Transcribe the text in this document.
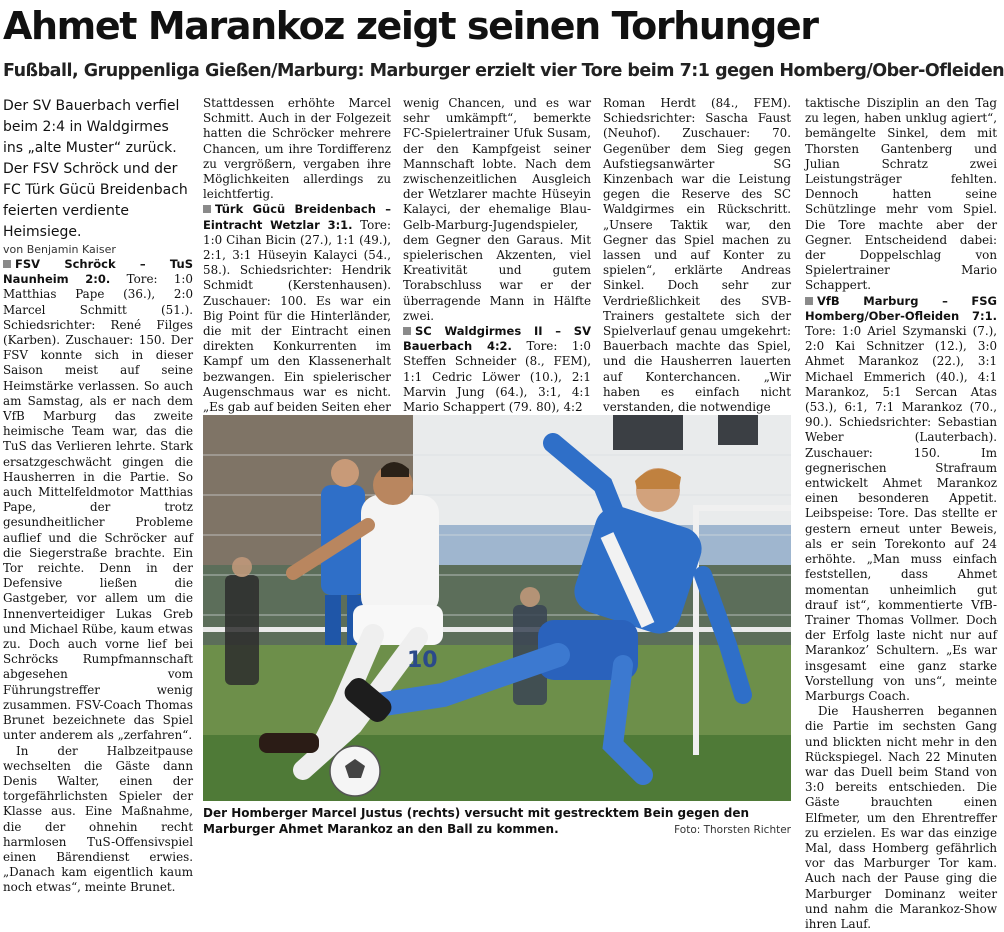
Ahmet Marankoz zeigt seinen Torhunger
Fußball, Gruppenliga Gießen/Marburg: Marburger erzielt vier Tore beim 7:1 gegen Homberg/Ober-Ofleiden

Der SV Bauerbach verfiel beim 2:4 in Waldgirmes ins „alte Muster“ zurück. Der FSV Schröck und der FC Türk Gücü Breidenbach feierten verdiente Heimsiege.

von Benjamin Kaiser

FSV Schröck – TuS Naunheim 2:0. Tore: 1:0 Matthias Pape (36.), 2:0 Marcel	Schmitt	(51.). Schiedsrichter: René Filges (Karben). Zuschauer: 150. Der FSV konnte sich in dieser Saison meist auf seine Heimstärke verlassen. So auch am Samstag, als er nach dem VfB Marburg das zweite heimische Team war, das die TuS das Verlieren lehrte. Stark ersatzgeschwächt gingen die Hausherren in die Partie. So auch Mittelfeldmotor Matthias Pape,	der	trotz gesundheitlicher	Probleme auflief und die Schröcker auf die Siegerstraße brachte. Ein Tor reichte. Denn in der Defensive	ließen	die Gastgeber, vor allem um die Innenverteidiger Lukas Greb und Michael Rübe, kaum etwas zu. Doch auch vorne lief bei Schröcks Rumpfmannschaft abgesehen	vom Führungstreffer	wenig zusammen. FSV-Coach Thomas Brunet bezeichnete das Spiel unter anderem als „zerfahren“.

In der Halbzeitpause wechselten die Gäste dann Denis Walter, einen der torgefährlichsten Spieler der Klasse aus. Eine Maßnahme, die der ohnehin recht harmlosen TuS-Offensivspiel einen Bärendienst erwies. „Danach kam eigentlich kaum noch etwas“, meinte Brunet.

Stattdessen erhöhte Marcel Schmitt. Auch in der Folgezeit hatten die Schröcker mehrere Chancen, um ihre Tordifferenz zu vergrößern, vergaben ihre Möglichkeiten allerdings zu leichtfertig.

Türk Gücü Breidenbach – Eintracht Wetzlar 3:1. Tore: 1:0 Cihan Bicin (27.), 1:1 (49.), 2:1, 3:1 Hüseyin Kalayci (54., 58.). Schiedsrichter: Hendrik Schmidt	(Kerstenhausen). Zuschauer: 100. Es war ein Big Point für die Hinterländer, die mit der Eintracht einen direkten Konkurrenten im Kampf um den Klassenerhalt bezwangen. Ein spielerischer Augenschmaus war es nicht. „Es gab auf beiden Seiten eher

wenig Chancen, und es war sehr umkämpft“, bemerkte FC-Spielertrainer Ufuk Susam, der den Kampfgeist seiner Mannschaft lobte. Nach dem zwischenzeitlichen Ausgleich der Wetzlarer machte Hüseyin Kalayci, der ehemalige Blau-Gelb-Marburg-Jugendspieler, dem Gegner den Garaus. Mit spielerischen Akzenten, viel Kreativität	und	gutem Torabschluss war er der überragende Mann in Hälfte zwei.

SC Waldgirmes II – SV Bauerbach 4:2. Tore: 1:0 Steffen Schneider (8., FEM), 1:1 Cedric Löwer (10.), 2:1 Marvin Jung (64.), 3:1, 4:1 Mario Schappert (79. 80), 4:2

Roman Herdt (84., FEM). Schiedsrichter: Sascha Faust (Neuhof). Zuschauer: 70. Gegenüber dem Sieg gegen Aufstiegsanwärter	SG Kinzenbach war die Leistung gegen die Reserve des SC Waldgirmes ein Rückschritt. „Unsere Taktik war, den Gegner das Spiel machen zu lassen und auf Konter zu spielen“, erklärte Andreas Sinkel. Doch sehr zur Verdrießlichkeit des SVB-Trainers gestaltete sich der Spielverlauf genau umgekehrt: Bauerbach machte das Spiel, und die Hausherren lauerten auf Konterchancen. „Wir haben es einfach nicht verstanden, die notwendige

taktische Disziplin an den Tag zu legen, haben unklug agiert“, bemängelte Sinkel, dem mit Thorsten Gantenberg und Julian	Schratz	zwei Leistungsträger	fehlten. Dennoch	hatten	seine Schützlinge mehr vom Spiel. Die Tore machte aber der Gegner. Entscheidend dabei: der	Doppelschlag	von Spielertrainer	Mario Schappert.

VfB Marburg – FSG Homberg/Ober-Ofleiden 7:1. Tore: 1:0 Ariel Szymanski (7.), 2:0 Kai Schnitzer (12.), 3:0 Ahmet Marankoz (22.), 3:1 Michael Emmerich (40.), 4:1 Marankoz, 5:1 Sercan Atas (53.), 6:1, 7:1 Marankoz (70., 90.). Schiedsrichter: Sebastian Weber	(Lauterbach). Zuschauer:	150.	Im gegnerischen	Strafraum entwickelt Ahmet Marankoz einen besonderen Appetit. Leibspeise: Tore. Das stellte er gestern erneut unter Beweis, als er sein Torekonto auf 24 erhöhte. „Man muss einfach feststellen, dass Ahmet momentan unheimlich gut drauf ist“, kommentierte VfB-Trainer Thomas Vollmer. Doch der Erfolg laste nicht nur auf Marankoz’ Schultern. „Es war insgesamt eine ganz starke Vorstellung von uns“, meinte Marburgs Coach.

Die Hausherren begannen die Partie im sechsten Gang und blickten nicht mehr in den Rückspiegel. Nach 22 Minuten war das Duell beim Stand von 3:0 bereits entschieden. Die Gäste	brauchten	einen Elfmeter, um den Ehrentreffer zu erzielen. Es war das einzige Mal, dass Homberg gefährlich vor das Marburger Tor kam. Auch nach der Pause ging die Marburger Dominanz weiter und nahm die Marankoz-Show ihren Lauf.

10
Der Homberger Marcel Justus (rechts) versucht mit gestrecktem Bein gegen den Marburger Ahmet Marankoz an den Ball zu kommen.	Foto: Thorsten Richter
